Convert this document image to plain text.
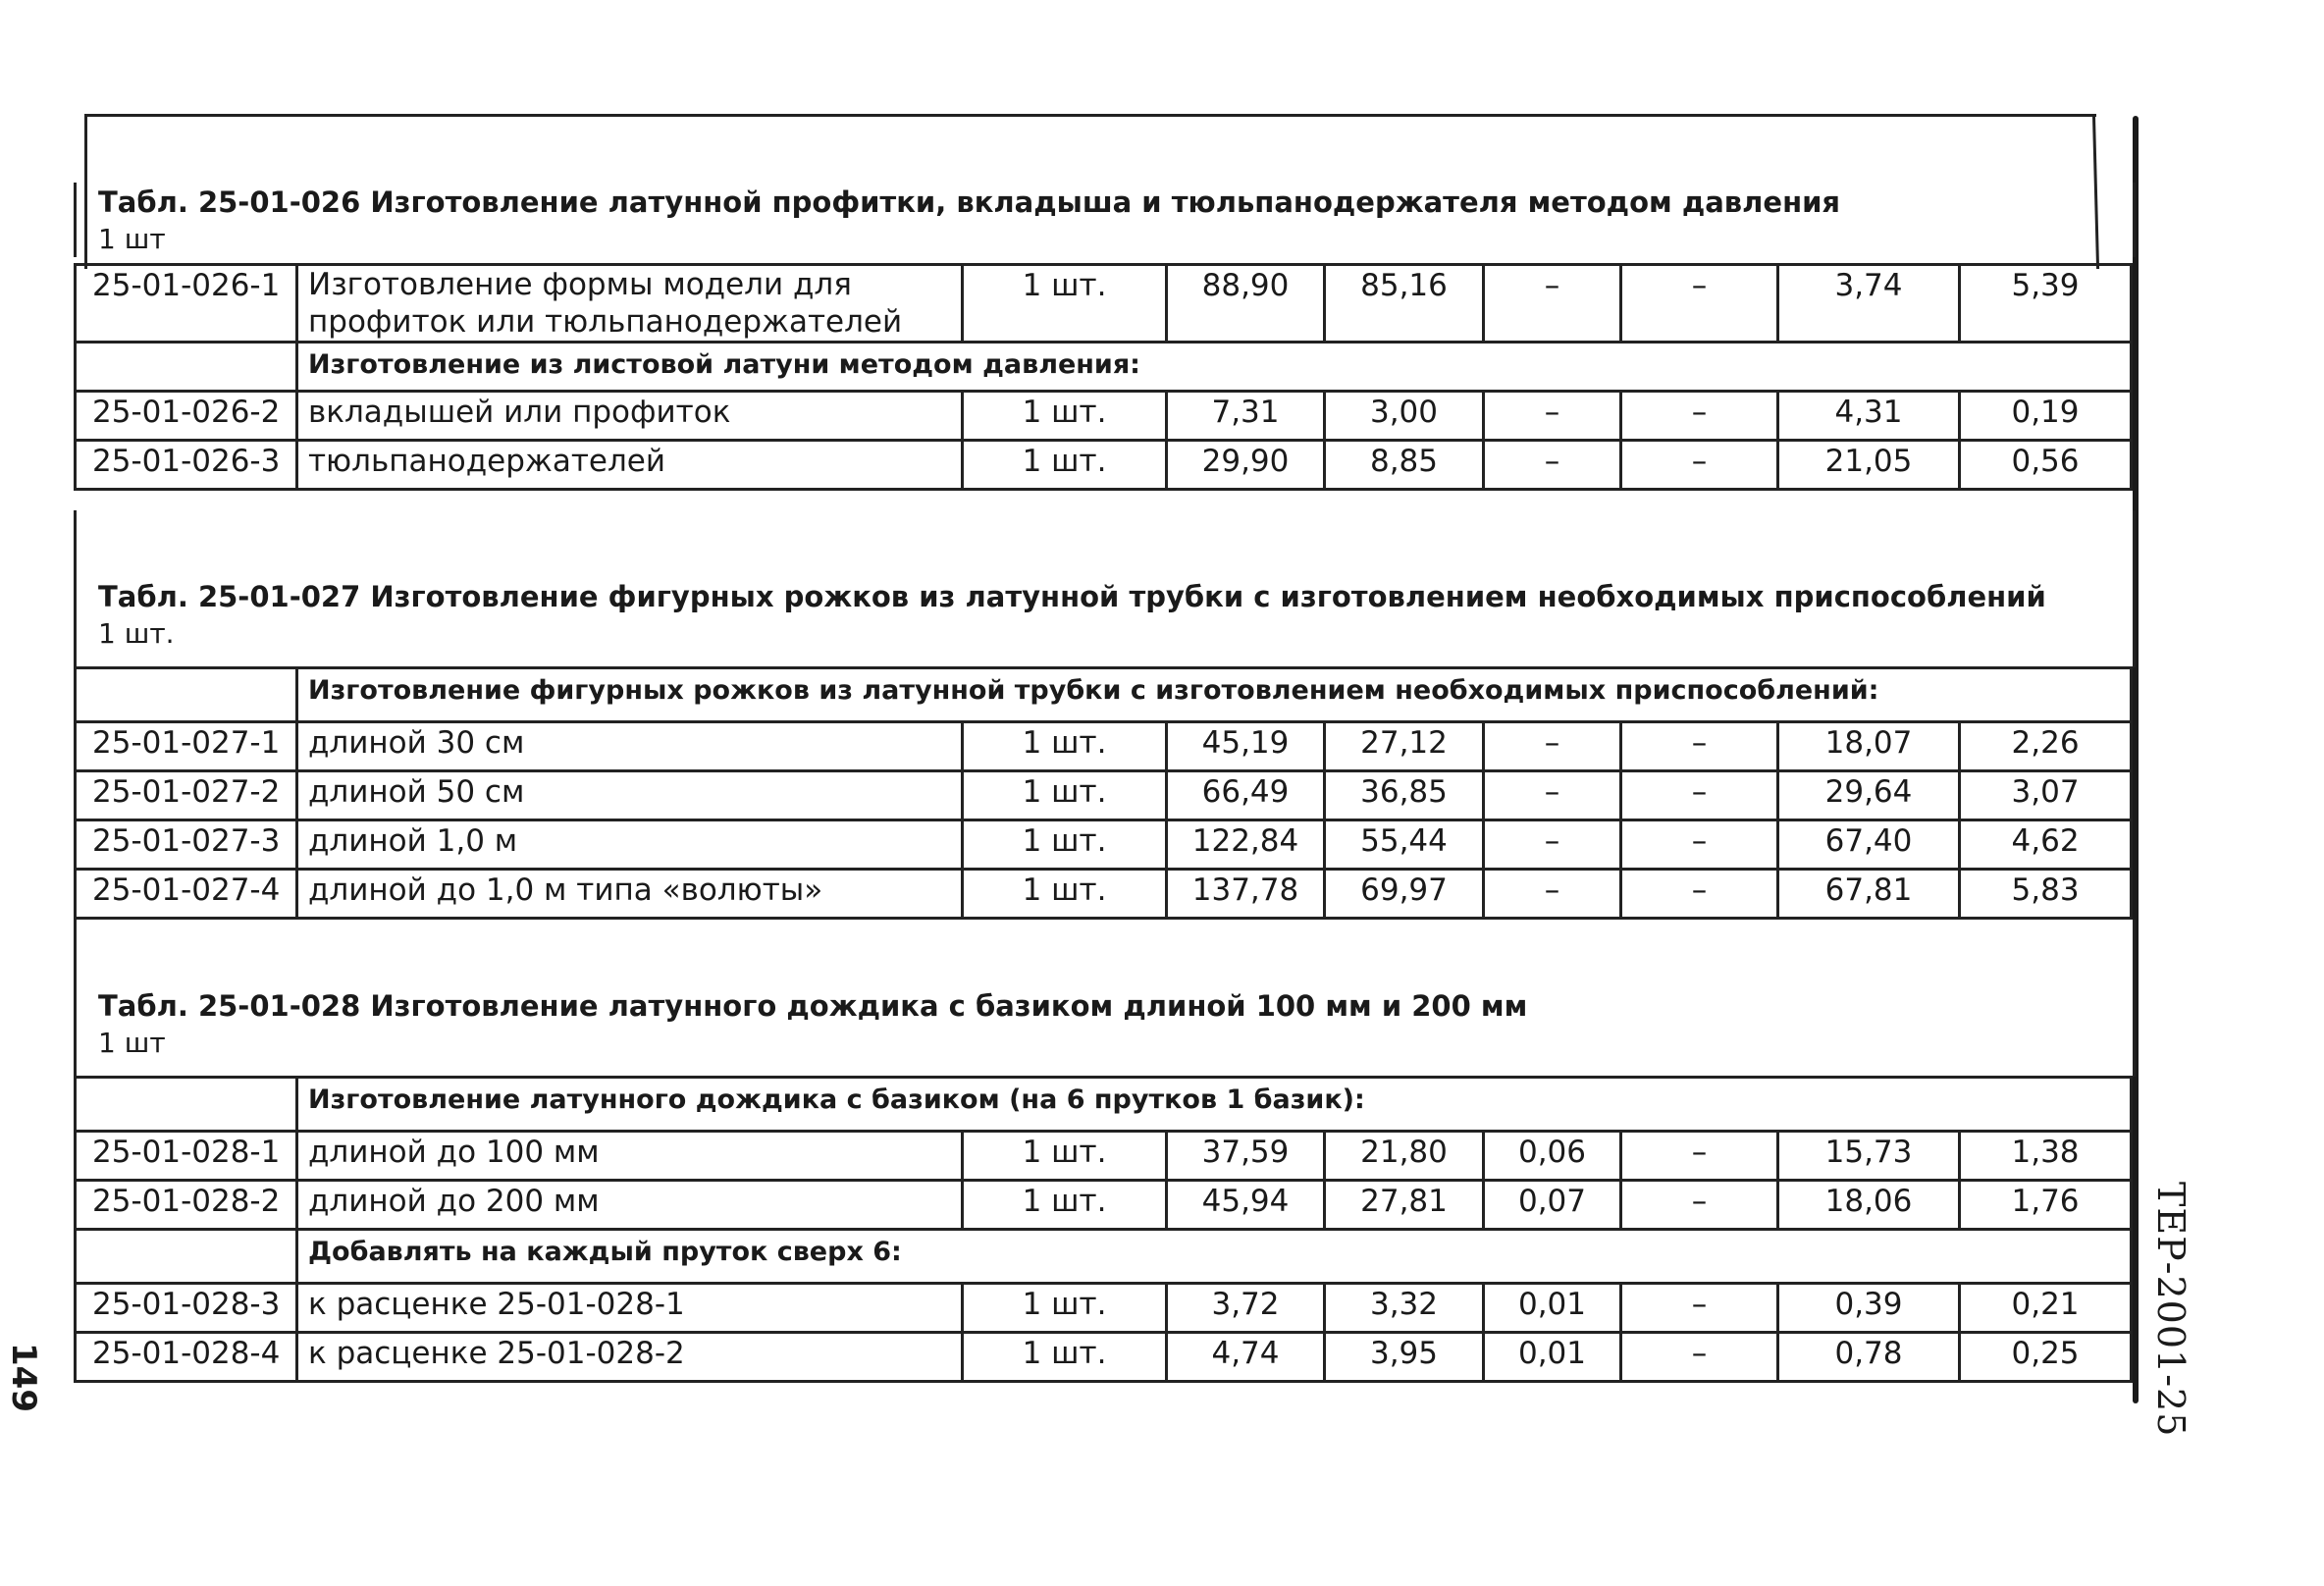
ТЕР-2001-25
149
Табл. 25-01-026 Изготовление латунной профитки, вкладыша и тюльпанодержателя методом давления
1 шт
25-01-026-1	Изготовление формы модели для профиток или тюльпанодержателей	1 шт.	88,90	85,16	–	–	3,74	5,39
	Изготовление из листовой латуни методом давления:							
25-01-026-2	вкладышей или профиток	1 шт.	7,31	3,00	–	–	4,31	0,19
25-01-026-3	тюльпанодержателей	1 шт.	29,90	8,85	–	–	21,05	0,56
Табл. 25-01-027 Изготовление фигурных рожков из латунной трубки с изготовлением необходимых приспособлений
1 шт.
	Изготовление фигурных рожков из латунной трубки с изготовлением необходимых приспособлений:							
25-01-027-1	длиной 30 см	1 шт.	45,19	27,12	–	–	18,07	2,26
25-01-027-2	длиной 50 см	1 шт.	66,49	36,85	–	–	29,64	3,07
25-01-027-3	длиной 1,0 м	1 шт.	122,84	55,44	–	–	67,40	4,62
25-01-027-4	длиной до 1,0 м типа «волюты»	1 шт.	137,78	69,97	–	–	67,81	5,83
Табл. 25-01-028 Изготовление латунного дождика с базиком длиной 100 мм и 200 мм
1 шт
	Изготовление латунного дождика с базиком (на 6 прутков 1 базик):							
25-01-028-1	длиной до 100 мм	1 шт.	37,59	21,80	0,06	–	15,73	1,38
25-01-028-2	длиной до 200 мм	1 шт.	45,94	27,81	0,07	–	18,06	1,76
	Добавлять на каждый пруток сверх 6:							
25-01-028-3	к расценке 25-01-028-1	1 шт.	3,72	3,32	0,01	–	0,39	0,21
25-01-028-4	к расценке 25-01-028-2	1 шт.	4,74	3,95	0,01	–	0,78	0,25
